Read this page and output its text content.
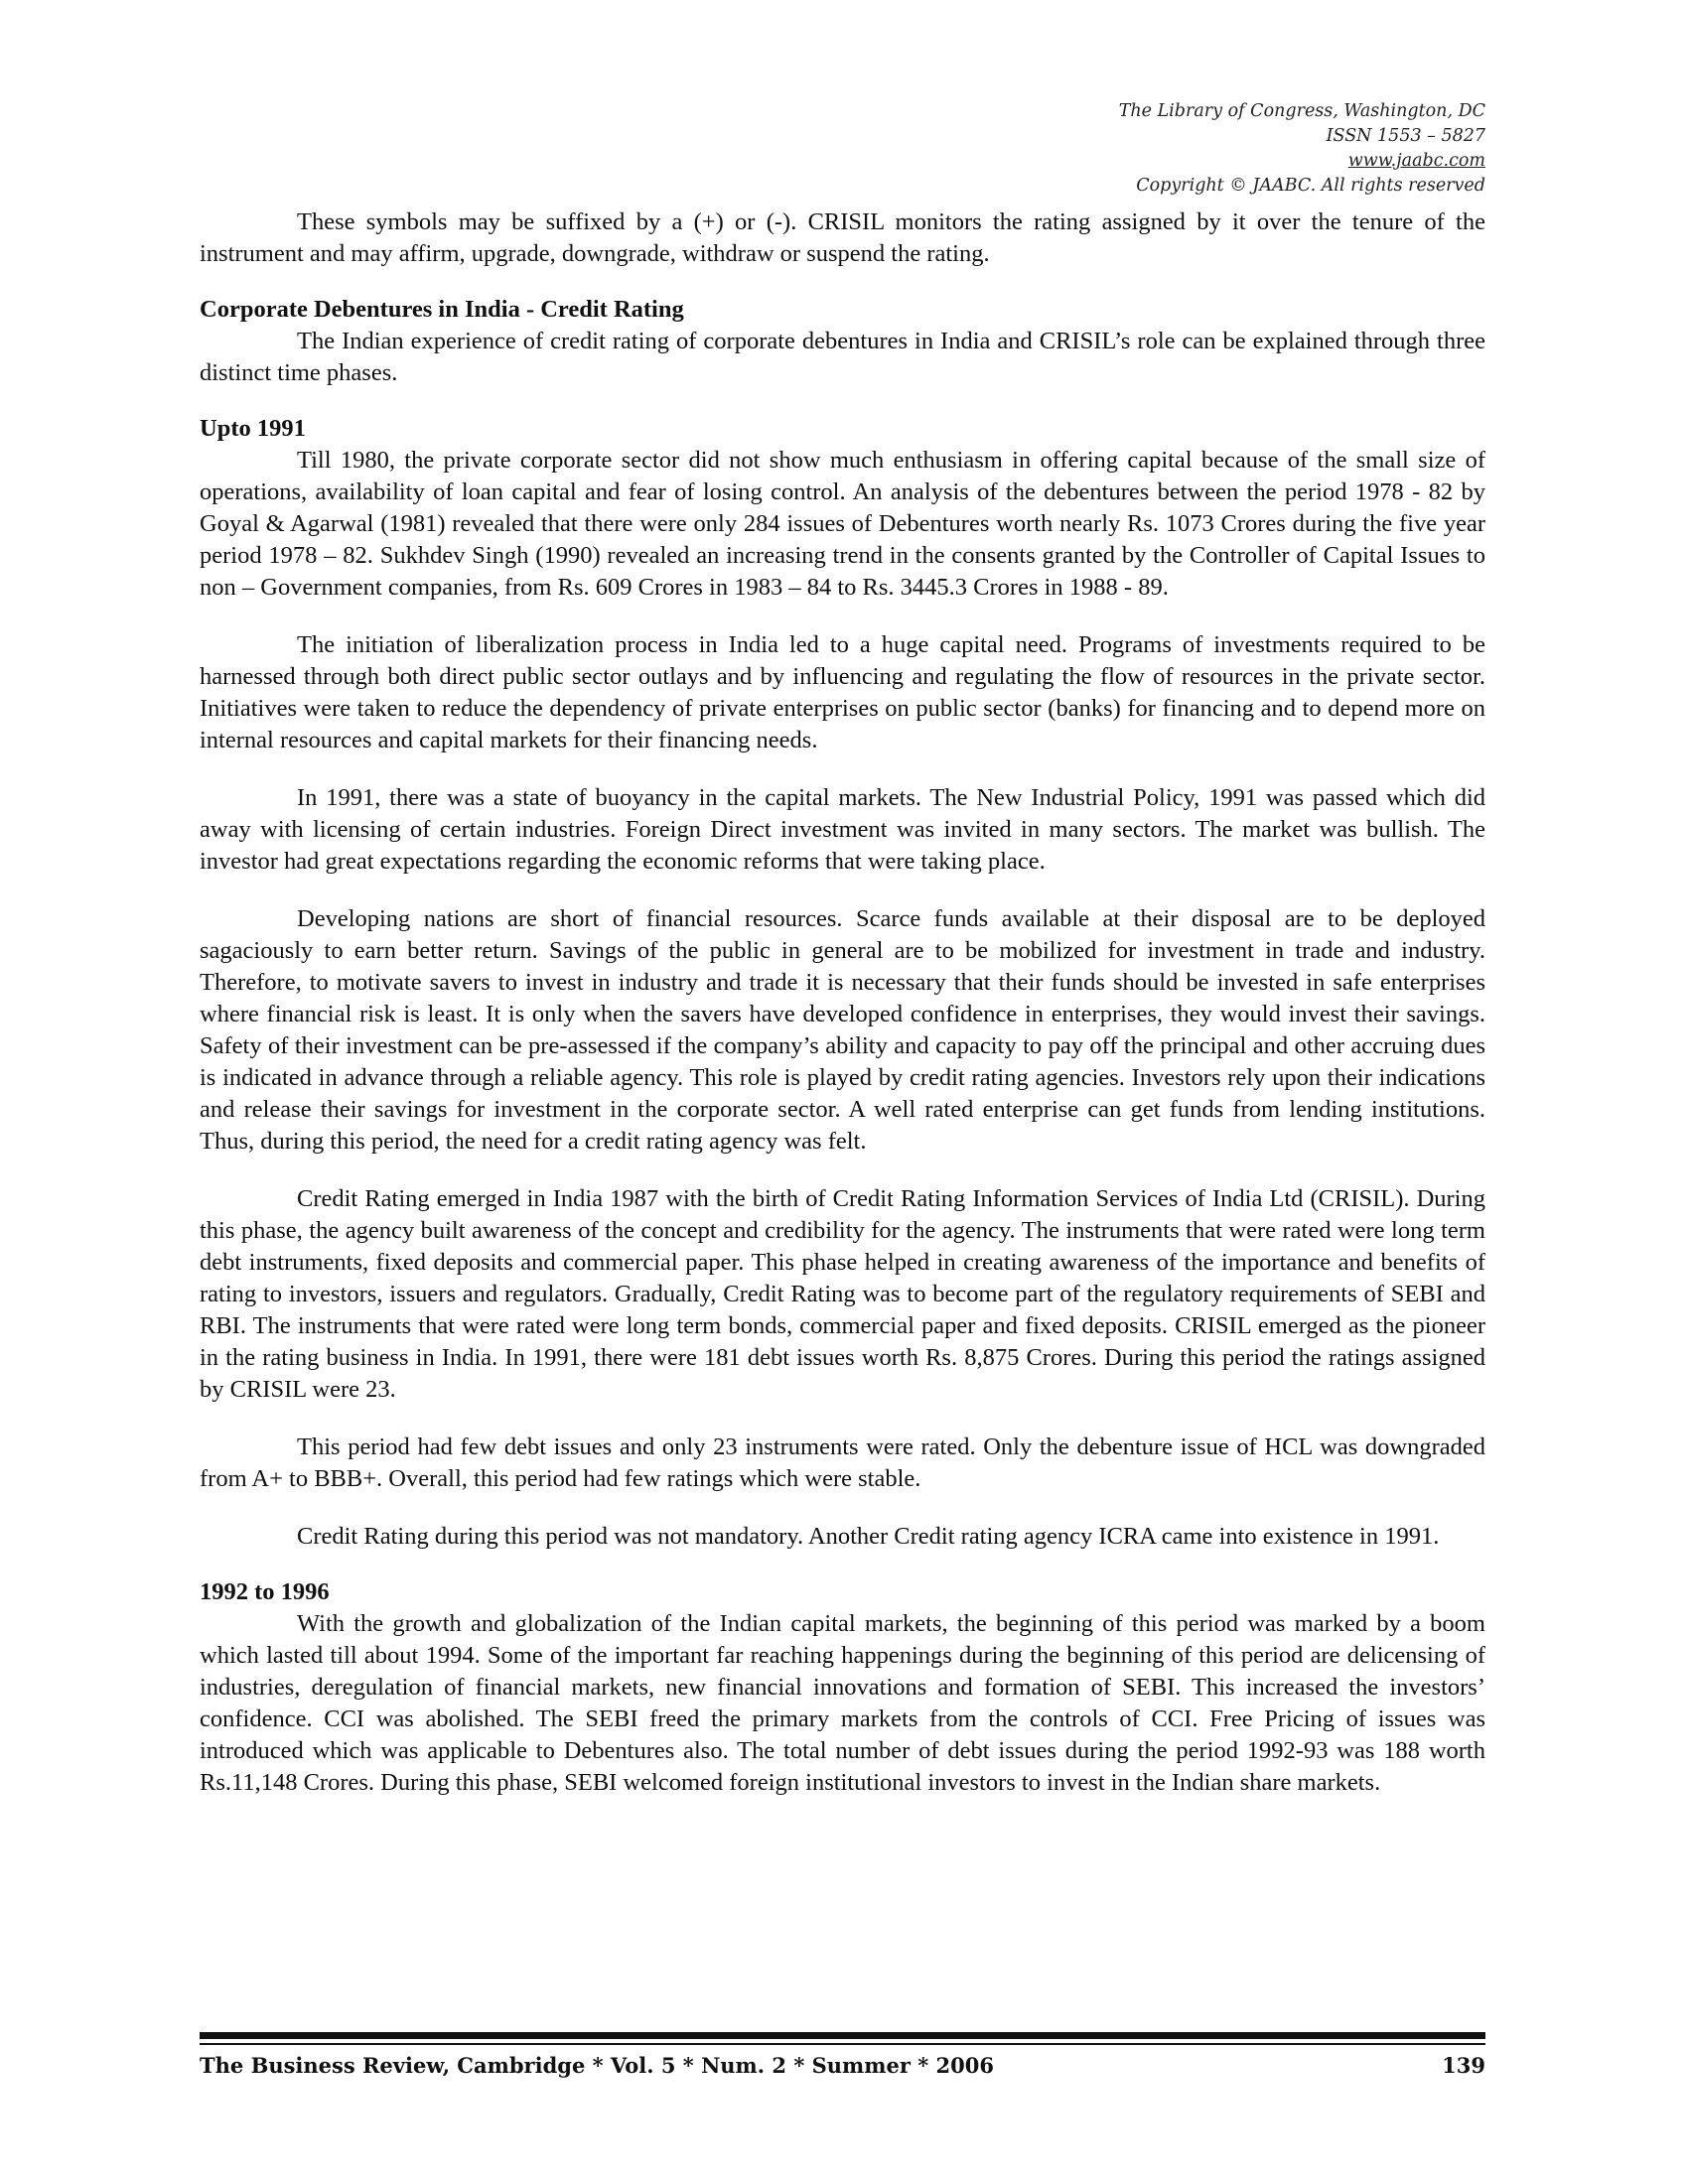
The Library of Congress, Washington, DC
ISSN 1553 – 5827
www.jaabc.com
Copyright © JAABC. All rights reserved

These symbols may be suffixed by a (+) or (-). CRISIL monitors the rating assigned by it over the tenure of the instrument and may affirm, upgrade, downgrade, withdraw or suspend the rating.

Corporate Debentures in India - Credit Rating

The Indian experience of credit rating of corporate debentures in India and CRISIL’s role can be explained through three distinct time phases.

Upto 1991

Till 1980, the private corporate sector did not show much enthusiasm in offering capital because of the small size of operations, availability of loan capital and fear of losing control. An analysis of the debentures between the period 1978 - 82 by Goyal & Agarwal (1981) revealed that there were only 284 issues of Debentures worth nearly Rs. 1073 Crores during the five year period 1978 – 82. Sukhdev Singh (1990) revealed an increasing trend in the consents granted by the Controller of Capital Issues to non – Government companies, from Rs. 609 Crores in 1983 – 84 to Rs. 3445.3 Crores in 1988 - 89.

The initiation of liberalization process in India led to a huge capital need. Programs of investments required to be harnessed through both direct public sector outlays and by influencing and regulating the flow of resources in the private sector. Initiatives were taken to reduce the dependency of private enterprises on public sector (banks) for financing and to depend more on internal resources and capital markets for their financing needs.

In 1991, there was a state of buoyancy in the capital markets. The New Industrial Policy, 1991 was passed which did away with licensing of certain industries. Foreign Direct investment was invited in many sectors. The market was bullish. The investor had great expectations regarding the economic reforms that were taking place.

Developing nations are short of financial resources. Scarce funds available at their disposal are to be deployed sagaciously to earn better return. Savings of the public in general are to be mobilized for investment in trade and industry. Therefore, to motivate savers to invest in industry and trade it is necessary that their funds should be invested in safe enterprises where financial risk is least. It is only when the savers have developed confidence in enterprises, they would invest their savings. Safety of their investment can be pre-assessed if the company’s ability and capacity to pay off the principal and other accruing dues is indicated in advance through a reliable agency. This role is played by credit rating agencies. Investors rely upon their indications and release their savings for investment in the corporate sector. A well rated enterprise can get funds from lending institutions. Thus, during this period, the need for a credit rating agency was felt.

Credit Rating emerged in India 1987 with the birth of Credit Rating Information Services of India Ltd (CRISIL). During this phase, the agency built awareness of the concept and credibility for the agency. The instruments that were rated were long term debt instruments, fixed deposits and commercial paper. This phase helped in creating awareness of the importance and benefits of rating to investors, issuers and regulators. Gradually, Credit Rating was to become part of the regulatory requirements of SEBI and RBI. The instruments that were rated were long term bonds, commercial paper and fixed deposits. CRISIL emerged as the pioneer in the rating business in India. In 1991, there were 181 debt issues worth Rs. 8,875 Crores. During this period the ratings assigned by CRISIL were 23.

This period had few debt issues and only 23 instruments were rated. Only the debenture issue of HCL was downgraded from A+ to BBB+. Overall, this period had few ratings which were stable.

Credit Rating during this period was not mandatory. Another Credit rating agency ICRA came into existence in 1991.

1992 to 1996

With the growth and globalization of the Indian capital markets, the beginning of this period was marked by a boom which lasted till about 1994. Some of the important far reaching happenings during the beginning of this period are delicensing of industries, deregulation of financial markets, new financial innovations and formation of SEBI. This increased the investors’ confidence. CCI was abolished. The SEBI freed the primary markets from the controls of CCI. Free Pricing of issues was introduced which was applicable to Debentures also. The total number of debt issues during the period 1992-93 was 188 worth Rs.11,148 Crores. During this phase, SEBI welcomed foreign institutional investors to invest in the Indian share markets.

The Business Review, Cambridge * Vol. 5 * Num. 2 * Summer * 2006	139
